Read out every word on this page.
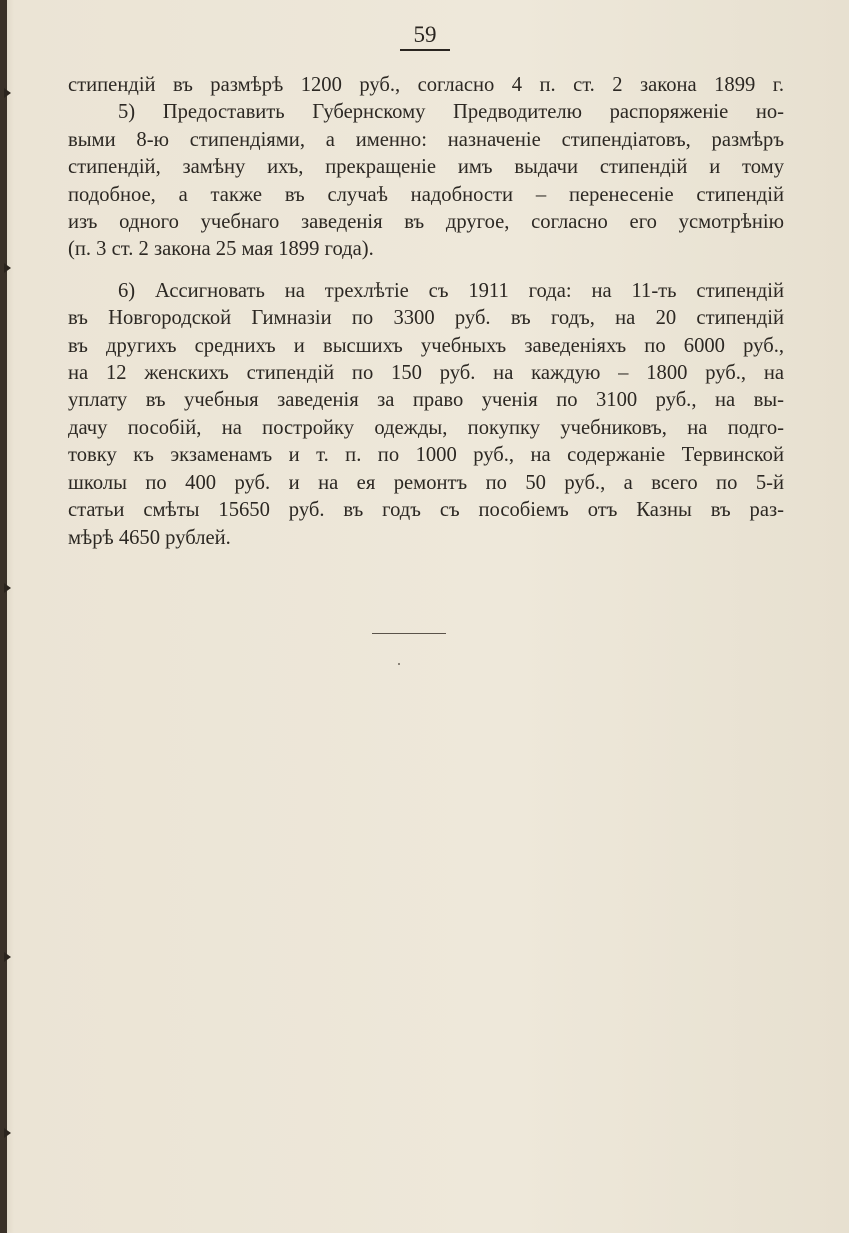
59
стипендій въ размѣрѣ 1200 руб., согласно 4 п. ст. 2 закона 1899 г.
5) Предоставить Губернскому Предводителю распоряженіе но-
выми 8-ю стипендіями, а именно: назначеніе стипендіатовъ, размѣръ
стипендій, замѣну ихъ, прекращеніе имъ выдачи стипендій и тому
подобное, а также въ случаѣ надобности – перенесеніе стипендій
изъ одного учебнаго заведенія въ другое, согласно его усмотрѣнію
(п. 3 ст. 2 закона 25 мая 1899 года).
6) Ассигновать на трехлѣтіе съ 1911 года: на 11-ть стипендій
въ Новгородской Гимназіи по 3300 руб. въ годъ, на 20 стипендій
въ другихъ среднихъ и высшихъ учебныхъ заведеніяхъ по 6000 руб.,
на 12 женскихъ стипендій по 150 руб. на каждую – 1800 руб., на
уплату въ учебныя заведенія за право ученія по 3100 руб., на вы-
дачу пособій, на постройку одежды, покупку учебниковъ, на подго-
товку къ экзаменамъ и т. п. по 1000 руб., на содержаніе Тервинской
школы по 400 руб. и на ея ремонтъ по 50 руб., а всего по 5-й
статьи смѣты 15650 руб. въ годъ съ пособіемъ отъ Казны въ раз-
мѣрѣ 4650 рублей.
